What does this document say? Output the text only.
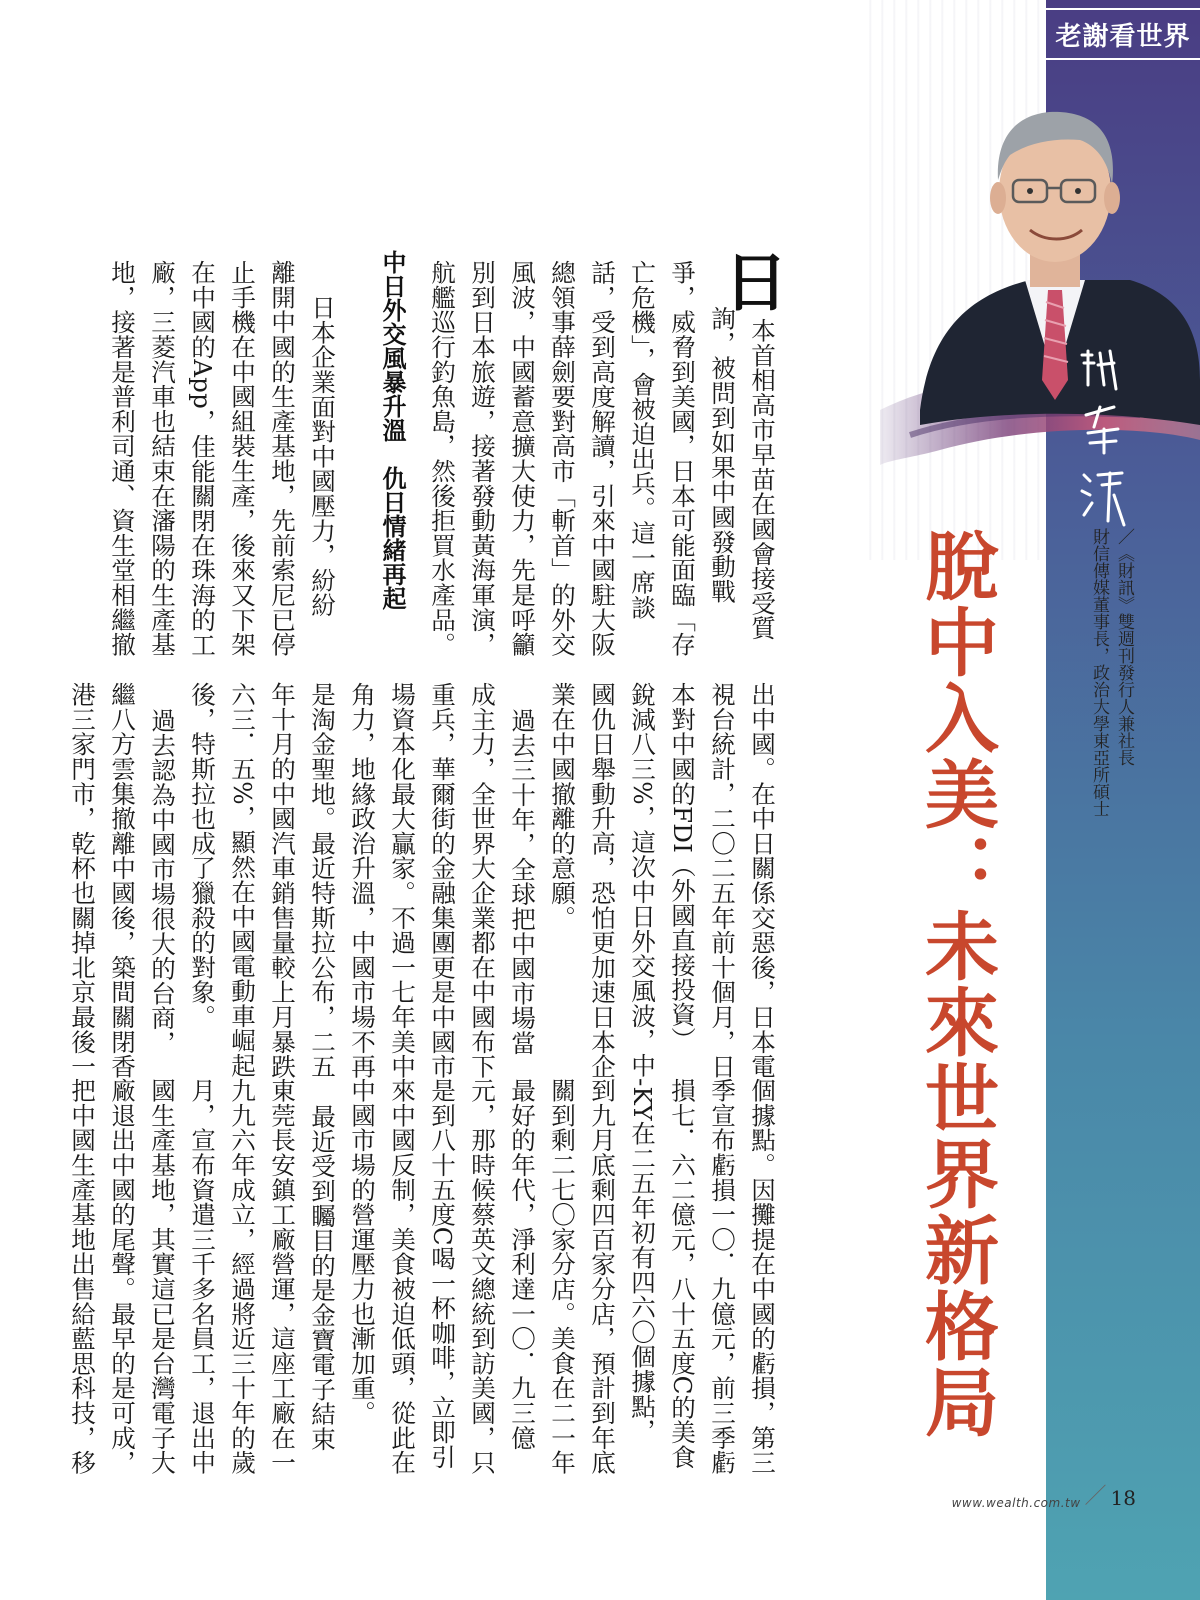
老謝看世界
／《財訊》雙週刊發行人兼社長
財信傳媒董事長，政治大學東亞所碩士
脫中入美：未來世界新格局
日
本首相高市早苗在國會接受質
詢，被問到如果中國發動戰
爭，威脅到美國，日本可能面臨「存
亡危機」，會被迫出兵。這一席談
話，受到高度解讀，引來中國駐大阪
總領事薛劍要對高市「斬首」的外交
風波，中國蓄意擴大使力，先是呼籲
別到日本旅遊，接著發動黃海軍演，
航艦巡行釣魚島，然後拒買水產品。
中日外交風暴升溫　仇日情緒再起
日本企業面對中國壓力，紛紛
離開中國的生產基地，先前索尼已停
止手機在中國組裝生產，後來又下架
在中國的App，佳能關閉在珠海的工
廠，三菱汽車也結束在瀋陽的生產基
地，接著是普利司通、資生堂相繼撤
出中國。在中日關係交惡後，日本電
視台統計，二〇二五年前十個月，日
本對中國的FDI（外國直接投資）
銳減八三%，這次中日外交風波，中
國仇日舉動升高，恐怕更加速日本企
業在中國撤離的意願。
過去三十年，全球把中國市場當
成主力，全世界大企業都在中國布下
重兵，華爾街的金融集團更是中國市
場資本化最大贏家。不過一七年美中
角力，地緣政治升溫，中國市場不再
是淘金聖地。最近特斯拉公布，二五
年十月的中國汽車銷售量較上月暴跌
六三．五%，顯然在中國電動車崛起
後，特斯拉也成了獵殺的對象。
過去認為中國市場很大的台商，
繼八方雲集撤離中國後，築間關閉香
港三家門市，乾杯也關掉北京最後一
個據點。因攤提在中國的虧損，第三
季宣布虧損一〇．九億元，前三季虧
損七．六二億元，八十五度C的美食
-KY在二五年初有四六〇個據點，
到九月底剩四百家分店，預計到年底
關到剩二七〇家分店。美食在二一年
最好的年代，淨利達一〇．九三億
元，那時候蔡英文總統到訪美國，只
是到八十五度C喝一杯咖啡，立即引
來中國反制，美食被迫低頭，從此在
中國市場的營運壓力也漸加重。
最近受到矚目的是金寶電子結束
東莞長安鎮工廠營運，這座工廠在一
九九六年成立，經過將近三十年的歲
月，宣布資遣三千多名員工，退出中
國生產基地，其實這已是台灣電子大
廠退出中國的尾聲。最早的是可成，
把中國生產基地出售給藍思科技，移
www.wealth.com.tw ／ 18
